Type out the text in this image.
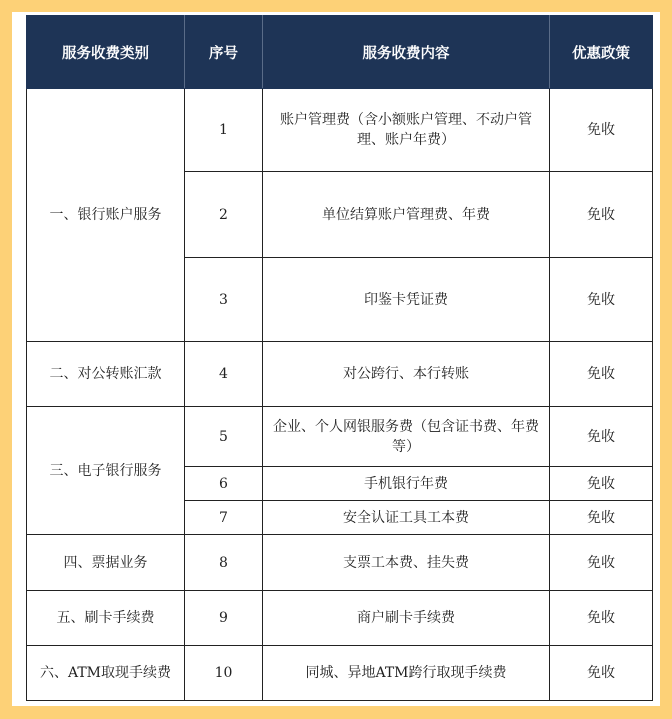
服务收费类别	序号	服务收费内容	优惠政策
一、银行账户服务	1	账户管理费（含小额账户管理、不动户管理、账户年费）	免收
	2	单位结算账户管理费、年费	免收
	3	印鉴卡凭证费	免收
二、对公转账汇款	4	对公跨行、本行转账	免收
三、电子银行服务	5	企业、个人网银服务费（包含证书费、年费等）	免收
	6	手机银行年费	免收
	7	安全认证工具工本费	免收
四、票据业务	8	支票工本费、挂失费	免收
五、刷卡手续费	9	商户刷卡手续费	免收
六、ATM取现手续费	10	同城、异地ATM跨行取现手续费	免收
